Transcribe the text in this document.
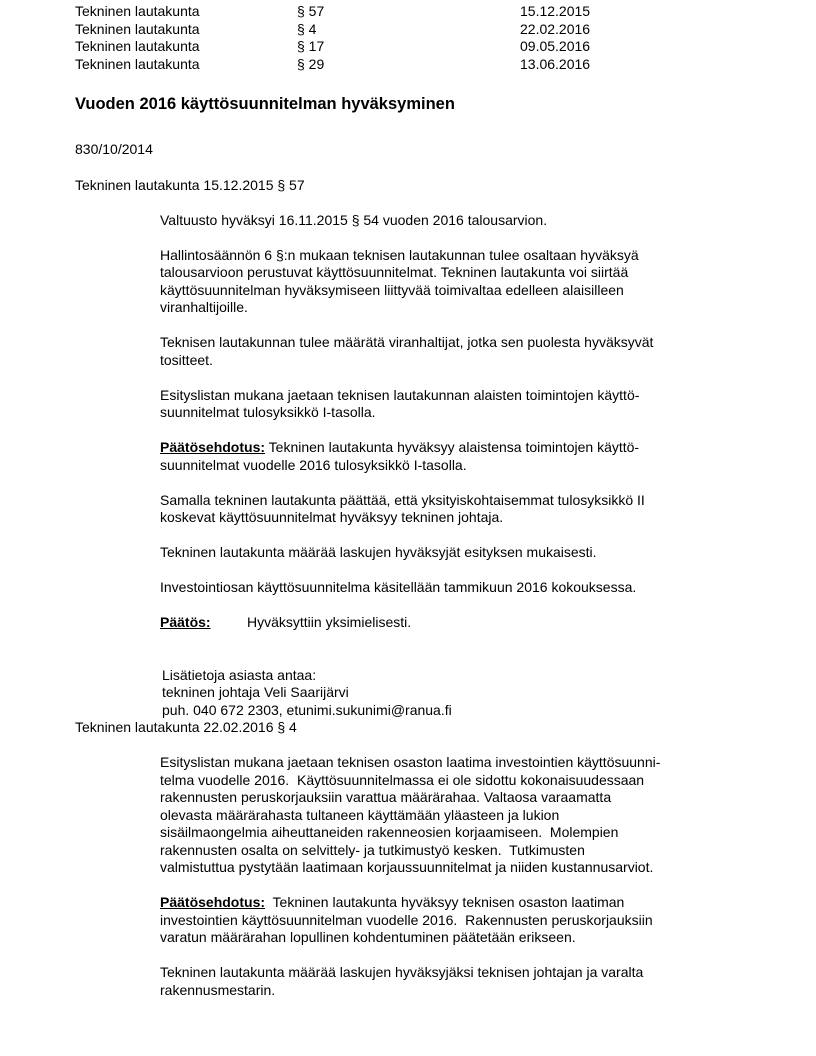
Tekninen lautakunta	§ 57	15.12.2015
Tekninen lautakunta	§ 4	22.02.2016
Tekninen lautakunta	§ 17	09.05.2016
Tekninen lautakunta	§ 29	13.06.2016
Vuoden 2016 käyttösuunnitelman hyväksyminen
830/10/2014
Tekninen lautakunta 15.12.2015 § 57
Valtuusto hyväksyi 16.11.2015 § 54 vuoden 2016 talousarvion.
Hallintosäännön 6 §:n mukaan teknisen lautakunnan tulee osaltaan hyväksyä
talousarvioon perustuvat käyttösuunnitelmat. Tekninen lautakunta voi siirtää
käyttösuunnitelman hyväksymiseen liittyvää toimivaltaa edelleen alaisilleen
viranhaltijoille.
Teknisen lautakunnan tulee määrätä viranhaltijat, jotka sen puolesta hyväksyvät
tositteet.
Esityslistan mukana jaetaan teknisen lautakunnan alaisten toimintojen käyttö-
suunnitelmat tulosyksikkö I-tasolla.
Päätösehdotus: Tekninen lautakunta hyväksyy alaistensa toimintojen käyttö-
suunnitelmat vuodelle 2016 tulosyksikkö I-tasolla.
Samalla tekninen lautakunta päättää, että yksityiskohtaisemmat tulosyksikkö II
koskevat käyttösuunnitelmat hyväksyy tekninen johtaja.
Tekninen lautakunta määrää laskujen hyväksyjät esityksen mukaisesti.
Investointiosan käyttösuunnitelma käsitellään tammikuun 2016 kokouksessa.
Päätös:	Hyväksyttiin yksimielisesti.
Lisätietoja asiasta antaa:
tekninen johtaja Veli Saarijärvi
puh. 040 672 2303, etunimi.sukunimi@ranua.fi
Tekninen lautakunta 22.02.2016 § 4
Esityslistan mukana jaetaan teknisen osaston laatima investointien käyttösuunni-
telma vuodelle 2016.  Käyttösuunnitelmassa ei ole sidottu kokonaisuudessaan
rakennusten peruskorjauksiin varattua määrärahaa. Valtaosa varaamatta
olevasta määrärahasta tultaneen käyttämään yläasteen ja lukion
sisäilmaongelmia aiheuttaneiden rakenneosien korjaamiseen.  Molempien
rakennusten osalta on selvittely- ja tutkimustyö kesken.  Tutkimusten
valmistuttua pystytään laatimaan korjaussuunnitelmat ja niiden kustannusarviot.
Päätösehdotus:  Tekninen lautakunta hyväksyy teknisen osaston laatiman
investointien käyttösuunnitelman vuodelle 2016.  Rakennusten peruskorjauksiin
varatun määrärahan lopullinen kohdentuminen päätetään erikseen.
Tekninen lautakunta määrää laskujen hyväksyjäksi teknisen johtajan ja varalta
rakennusmestarin.
